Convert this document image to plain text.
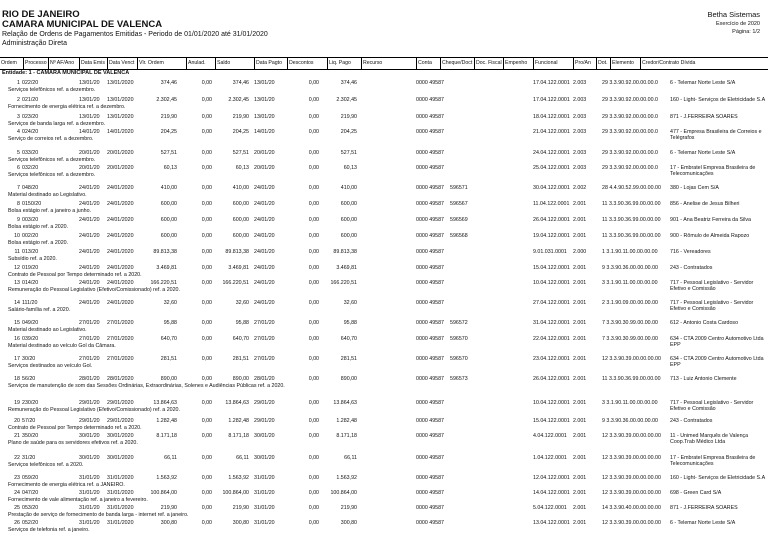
RIO DE JANEIRO
CAMARA MUNICIPAL DE VALENCA
Relação de Ordens de Pagamentos Emitidas - Periodo de 01/01/2020 até 31/01/2020
Administração Direta
Betha Sistemas
Exercício de 2020
Página: 1/2
Ordem	Processo Nº AF/Ano	Data Emis Data Venct Vlr. Ordem	Anulad.	Saldo	Data Pagto	Descontos	Liq. Pago	Recurso	Conta	Cheque/Doct Doc. Fiscal Empenho	Funcional	Pro/An	Dot. Elemento	Credor/Contrato Dívida
Entidade: 1 - CAMARA MUNICIPAL DE VALENCA
1 022/20	13/01/20	13/01/2020	374,46	0,00	374,46 13/01/20	0,00	374,46	0000 49587	17.04.122.0001 2.003	29 3.3.90.92.00.00.00.0	6 - Telemar Norte Leste S/A
Serviços telefônicos ref. a dezembro.
2 021/20	13/01/20	13/01/2020	2.302,45	0,00	2.302,45 13/01/20	0,00	2.302,45	0000 49587	17.04.122.0001 2.003	29 3.3.90.92.00.00.00.0	160 - Light- Serviços de Eletricidade S.A
Fornecimento de energia elétrica ref. a dezembro.
3 023/20	13/01/20	13/01/2020	219,90	0,00	219,90 13/01/20	0,00	219,90	0000 49587	18.04.122.0001 2.003	29 3.3.90.92.00.00.00.0	871 - J.FERREIRA SOARES
Serviços de banda larga ref. a dezembro.
4 024/20	14/01/20	14/01/2020	204,25	0,00	204,25 14/01/20	0,00	204,25	0000 49587	21.04.122.0001 2.003	29 3.3.90.92.00.00.00.0	477 - Empresa Brasileira de Correios e Telégrafos
Serviço de correios ref. a dezembro.
5 033/20	20/01/20	20/01/2020	527,51	0,00	527,51 20/01/20	0,00	527,51	0000 49587	24.04.122.0001 2.003	29 3.3.90.92.00.00.00.0	6 - Telemar Norte Leste S/A
Serviços telefônicos ref. a dezembro.
6 032/20	20/01/20	20/01/2020	60,13	0,00	60,13 20/01/20	0,00	60,13	0000 49587	25.04.122.0001 2.003	29 3.3.90.92.00.00.00.0	17 - Embratel Empresa Brasileira de Telecomunicações
Serviços telefônicos ref. a dezembro.
7 048/20	24/01/20	24/01/2020	410,00	0,00	410,00 24/01/20	0,00	410,00	0000 49587	596571	30.04.122.0001 2.002	28 4.4.90.52.99.00.00.00	380 - Lojas Cem S/A
Material destinado ao Legislativo.
8 0150/20	24/01/20	24/01/2020	600,00	0,00	600,00 24/01/20	0,00	600,00	0000 49587	596567	11.04.122.0001 2.001	11 3.3.90.36.99.00.00.00	856 - Anelise de Jesus Bilheri
Bolsa estágio ref. a janeiro a junho.
9 003/20	24/01/20	24/01/2020	600,00	0,00	600,00 24/01/20	0,00	600,00	0000 49587	596569	26.04.122.0001 2.001	11 3.3.90.36.99.00.00.00	901 - Ana Beatriz Ferreira da Silva
Bolsa estágio ref. a 2020.
10 002/20	24/01/20	24/01/2020	600,00	0,00	600,00 24/01/20	0,00	600,00	0000 49587	596568	19.04.122.0001 2.001	11 3.3.90.36.99.00.00.00	900 - Rômulo de Almeida Rapozo
Bolsa estágio ref. a 2020.
11 013/20	24/01/20	24/01/2020	89.813,38	0,00	89.813,38 24/01/20	0,00	89.813,38	0000 49587	9.01.031.0001	2.000	1 3.1.90.11.00.00.00.00	716 - Vereadores
Subsídio ref. a 2020.
12 019/20	24/01/20	24/01/2020	3.469,81	0,00	3.469,81 24/01/20	0,00	3.469,81	0000 49587	15.04.122.0001 2.001	9 3.3.90.36.00.00.00.00	243 - Contratados
Contrato de Pessoal por Tempo determinado ref. a 2020.
13 014/20	24/01/20	24/01/2020	166.220,51	0,00	166.220,51 24/01/20	0,00	166.220,51	0000 49587	10.04.122.0001 2.001	3 3.1.90.11.00.00.00.00	717 - Pessoal Legislativo - Servidor Efetivo e Comissão
Remuneração do Pessoal Legislativo (Efetivo/Comissionado) ref. a 2020.
14 111/20	24/01/20	24/01/2020	32,60	0,00	32,60 24/01/20	0,00	32,60	0000 49587	27.04.122.0001 2.001	2 3.1.90.09.00.00.00.00	717 - Pessoal Legislativo - Servidor Efetivo e Comissão
Salário-família ref. a 2020.
15 049/20	27/01/20	27/01/2020	95,88	0,00	95,88 27/01/20	0,00	95,88	0000 49587	596572	31.04.122.0001 2.001	7 3.3.90.30.99.00.00.00	612 - Antonio Costa Cardoso
Material destinado ao Legislativo.
16 039/20	27/01/20	27/01/2020	640,70	0,00	640,70 27/01/20	0,00	640,70	0000 49587	596570	22.04.122.0001 2.001	7 3.3.90.30.99.00.00.00	634 - CTA 2009 Centro Automotivo Ltda EPP
Material destinado ao veículo Gol da Câmara.
17 30/20	27/01/20	27/01/2020	281,51	0,00	281,51 27/01/20	0,00	281,51	0000 49587	596570	23.04.122.0001 2.001	12 3.3.90.39.00.00.00.00	634 - CTA 2009 Centro Automotivo Ltda EPP
Serviços destinados ao veículo Gol.
18 56/20	28/01/20	28/01/2020	890,00	0,00	890,00 28/01/20	0,00	890,00	0000 49587	596573	26.04.122.0001 2.001	11 3.3.90.36.99.00.00.00	713 - Luiz Antonio Clemente
Serviços de manutenção de som das Sessões Ordinárias, Extraordinárias, Solenes e Audiências Públicas ref. a 2020.
19 230/20	29/01/20	29/01/2020	13.864,63	0,00	13.864,63 29/01/20	0,00	13.864,63	0000 49587	10.04.122.0001 2.001	3 3.1.90.11.00.00.00.00	717 - Pessoal Legislativo - Servidor Efetivo e Comissão
Remuneração do Pessoal Legislativo (Efetivo/Comissionado) ref. a 2020.
20 57/20	29/01/20	29/01/2020	1.282,48	0,00	1.282,48 29/01/20	0,00	1.282,48	0000 49587	15.04.122.0001 2.001	9 3.3.90.36.00.00.00.00	243 - Contratados
Contrato de Pessoal por Tempo determinado ref. a 2020.
21 350/20	30/01/20	30/01/2020	8.171,18	0,00	8.171,18 30/01/20	0,00	8.171,18	0000 49587	4.04.122.0001	2.001	12 3.3.90.39.00.00.00.00	11 - Unimed Marquês de Valença Coop.Trab Médico Ltda
Plano de saúde para os servidores efetivos ref. a 2020.
22 31/20	30/01/20	30/01/2020	66,11	0,00	66,11 30/01/20	0,00	66,11	0000 49587	1.04.122.0001	2.001	12 3.3.90.39.00.00.00.00	17 - Embratel Empresa Brasileira de Telecomunicações
Serviços telefônicos ref. a 2020.
23 059/20	31/01/20	31/01/2020	1.563,92	0,00	1.563,92 31/01/20	0,00	1.563,92	0000 49587	12.04.122.0001 2.001	12 3.3.90.39.00.00.00.00	160 - Light- Serviços de Eletricidade S.A
Fornecimento de energia elétrica ref. a JANEIRO.
24 047/20	31/01/20	31/01/2020	100.864,00	0,00	100.864,00 31/01/20	0,00	100.864,00	0000 49587	14.04.122.0001 2.001	12 3.3.90.39.00.00.00.00	698 - Green Card S/A
Fornecimento de vale alimentação ref. a janeiro a fevereiro.
25 053/20	31/01/20	31/01/2020	219,90	0,00	219,90 31/01/20	0,00	219,90	0000 49587	5.04.122.0001	2.001	14 3.3.90.40.00.00.00.00	871 - J.FERREIRA SOARES
Prestação de serviço de fornecimento de banda larga - internet ref. a janeiro.
26 052/20	31/01/20	31/01/2020	300,80	0,00	300,80 31/01/20	0,00	300,80	0000 49587	13.04.122.0001 2.001	12 3.3.90.39.00.00.00.00	6 - Telemar Norte Leste S/A
Serviços de telefonia ref. a janeiro.
